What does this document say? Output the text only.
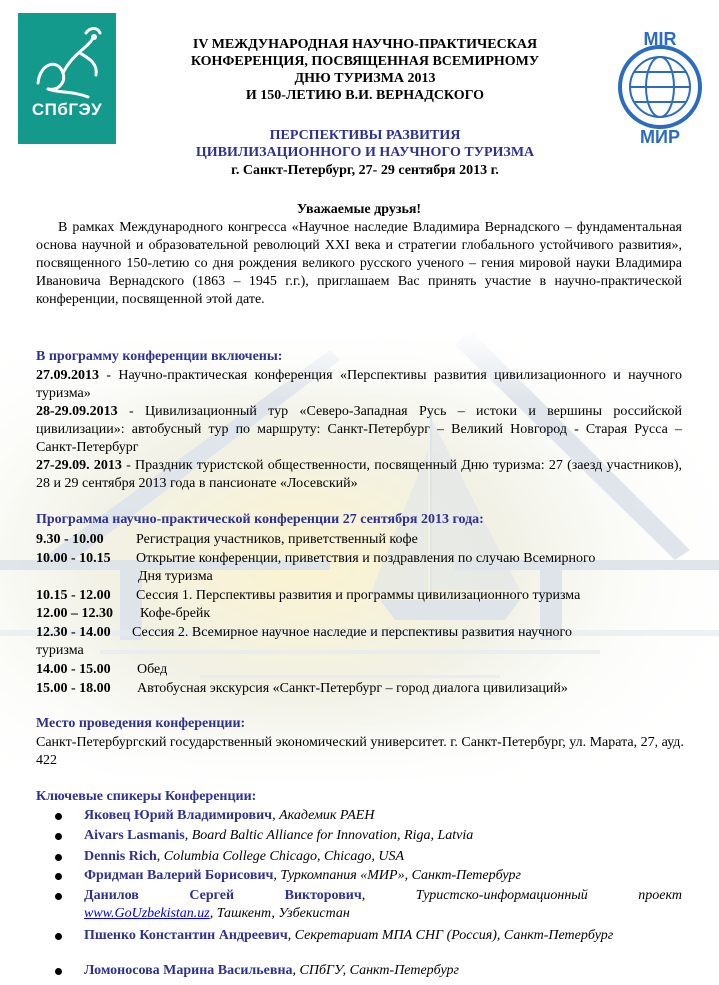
СПбГЭУ
MIR
МИР
IV МЕЖДУНАРОДНАЯ НАУЧНО-ПРАКТИЧЕСКАЯ
КОНФЕРЕНЦИЯ, ПОСВЯЩЕННАЯ ВСЕМИРНОМУ
ДНЮ ТУРИЗМА 2013
И 150-ЛЕТИЮ В.И. ВЕРНАДСКОГО
ПЕРСПЕКТИВЫ РАЗВИТИЯ
ЦИВИЛИЗАЦИОННОГО И НАУЧНОГО ТУРИЗМА
г. Санкт-Петербург, 27- 29 сентября 2013 г.
Уважаемые друзья!
В рамках Международного конгресса «Научное наследие Владимира Вернадского – фундаментальная основа научной и образовательной революций XXI века и стратегии глобального устойчивого развития», посвященного 150-летию со дня рождения великого русского ученого – гения мировой науки Владимира Ивановича Вернадского (1863 – 1945 г.г.), приглашаем Вас принять участие в научно-практической конференции, посвященной этой дате.
В программу конференции включены:
27.09.2013 - Научно-практическая конференция «Перспективы развития цивилизационного и научного туризма»
28-29.09.2013 - Цивилизационный тур «Северо-Западная Русь – истоки и вершины российской цивилизации»: автобусный тур по маршруту: Санкт-Петербург – Великий Новгород - Старая Русса – Санкт-Петербург
27-29.09. 2013 - Праздник туристской общественности, посвященный Дню туризма: 27 (заезд участников), 28 и 29 сентября 2013 года в пансионате «Лосевский»
Программа научно-практической конференции 27 сентября 2013 года:
9.30 - 10.00 Регистрация участников, приветственный кофе
10.00 - 10.15 Открытие конференции, приветствия и поздравления по случаю Всемирного
Дня туризма
10.15 - 12.00 Сессия 1. Перспективы развития и программы цивилизационного туризма
12.00 – 12.30 Кофе-брейк
12.30 - 14.00 Сессия 2. Всемирное научное наследие и перспективы развития научного
туризма
14.00 - 15.00 Обед
15.00 - 18.00 Автобусная экскурсия «Санкт-Петербург – город диалога цивилизаций»
Место проведения конференции:
Санкт-Петербургский государственный экономический университет. г. Санкт-Петербург, ул. Марата, 27, ауд. 422
Ключевые спикеры Конференции:
Яковец Юрий Владимирович, Академик РАЕН
Aivars Lasmanis, Board Baltic Alliance for Innovation, Riga, Latvia
Dennis Rich, Columbia College Chicago, Chicago, USA
Фридман Валерий Борисович, Туркомпания «МИР», Санкт-Петербург
Данилов Сергей Викторович, Туристско-информационный проект
www.GoUzbekistan.uz, Ташкент, Узбекистан
Пшенко Константин Андреевич, Секретариат МПА СНГ (Россия), Санкт-Петербург
Ломоносова Марина Васильевна, СПбГУ, Санкт-Петербург
